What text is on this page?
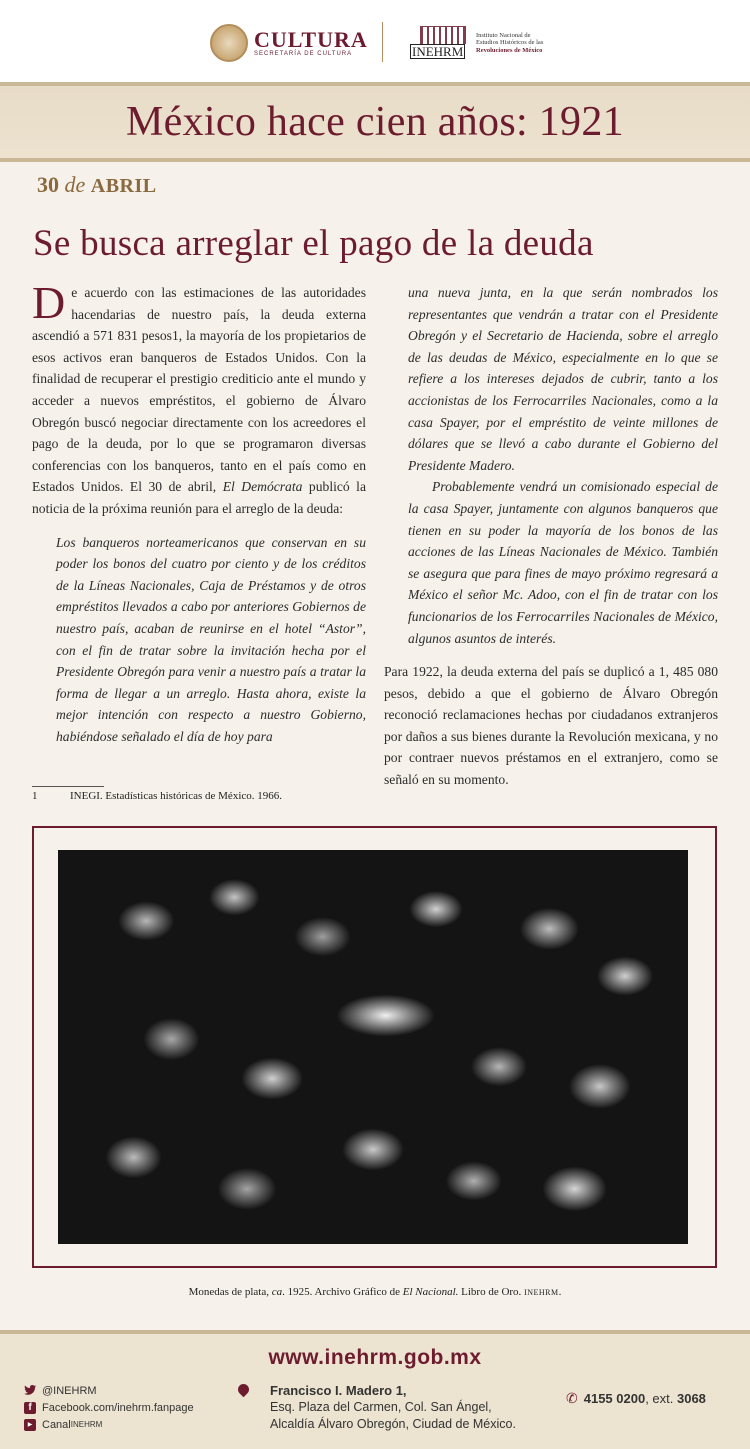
CULTURA
SECRETARÍA DE CULTURA	INEHRM
Instituto Nacional de
Estudios Históricos de las
Revoluciones de México
México hace cien años: 1921
30 de ABRIL
Se busca arreglar el pago de la deuda

De acuerdo con las estimaciones de las autoridades hacendarias de nuestro país, la deuda externa ascendió a 571 831 pesos1, la mayoría de los propietarios de esos activos eran banqueros de Estados Unidos. Con la finalidad de recuperar el prestigio crediticio ante el mundo y acceder a nuevos empréstitos, el gobierno de Álvaro Obregón buscó negociar directamente con los acreedores el pago de la deuda, por lo que se programaron diversas conferencias con los banqueros, tanto en el país como en Estados Unidos. El 30 de abril, El Demócrata publicó la noticia de la próxima reunión para el arreglo de la deuda:

Los banqueros norteamericanos que conservan en su poder los bonos del cuatro por ciento y de los créditos de la Líneas Nacionales, Caja de Préstamos y de otros empréstitos llevados a cabo por anteriores Gobiernos de nuestro país, acaban de reunirse en el hotel “Astor”, con el fin de tratar sobre la invitación hecha por el Presidente Obregón para venir a nuestro país a tratar la forma de llegar a un arreglo. Hasta ahora, existe la mejor intención con respecto a nuestro Gobierno, habiéndose señalado el día de hoy para

1	INEGI. Estadísticas históricas de México. 1966.

una nueva junta, en la que serán nombrados los representantes que vendrán a tratar con el Presidente Obregón y el Secretario de Hacienda, sobre el arreglo de las deudas de México, especialmente en lo que se refiere a los intereses dejados de cubrir, tanto a los accionistas de los Ferrocarriles Nacionales, como a la casa Spayer, por el empréstito de veinte millones de dólares que se llevó a cabo durante el Gobierno del Presidente Madero.

Probablemente vendrá un comisionado especial de la casa Spayer, juntamente con algunos banqueros que tienen en su poder la mayoría de los bonos de las acciones de las Líneas Nacionales de México. También se asegura que para fines de mayo próximo regresará a México el señor Mc. Adoo, con el fin de tratar con los funcionarios de los Ferrocarriles Nacionales de México, algunos asuntos de interés.

Para 1922, la deuda externa del país se duplicó a 1, 485 080 pesos, debido a que el gobierno de Álvaro Obregón reconoció reclamaciones hechas por ciudadanos extranjeros por daños a sus bienes durante la Revolución mexicana, y no por contraer nuevos préstamos en el extranjero, como se señaló en su momento.

Monedas de plata, ca. 1925. Archivo Gráfico de El Nacional. Libro de Oro. INEHRM.
www.inehrm.gob.mx
@INEHRM
f Facebook.com/inehrm.fanpage
▶ Canal INEHRM
Francisco I. Madero 1,
Esq. Plaza del Carmen, Col. San Ángel,
Alcaldía Álvaro Obregón, Ciudad de México.
✆ 4155 0200, ext. 3068
